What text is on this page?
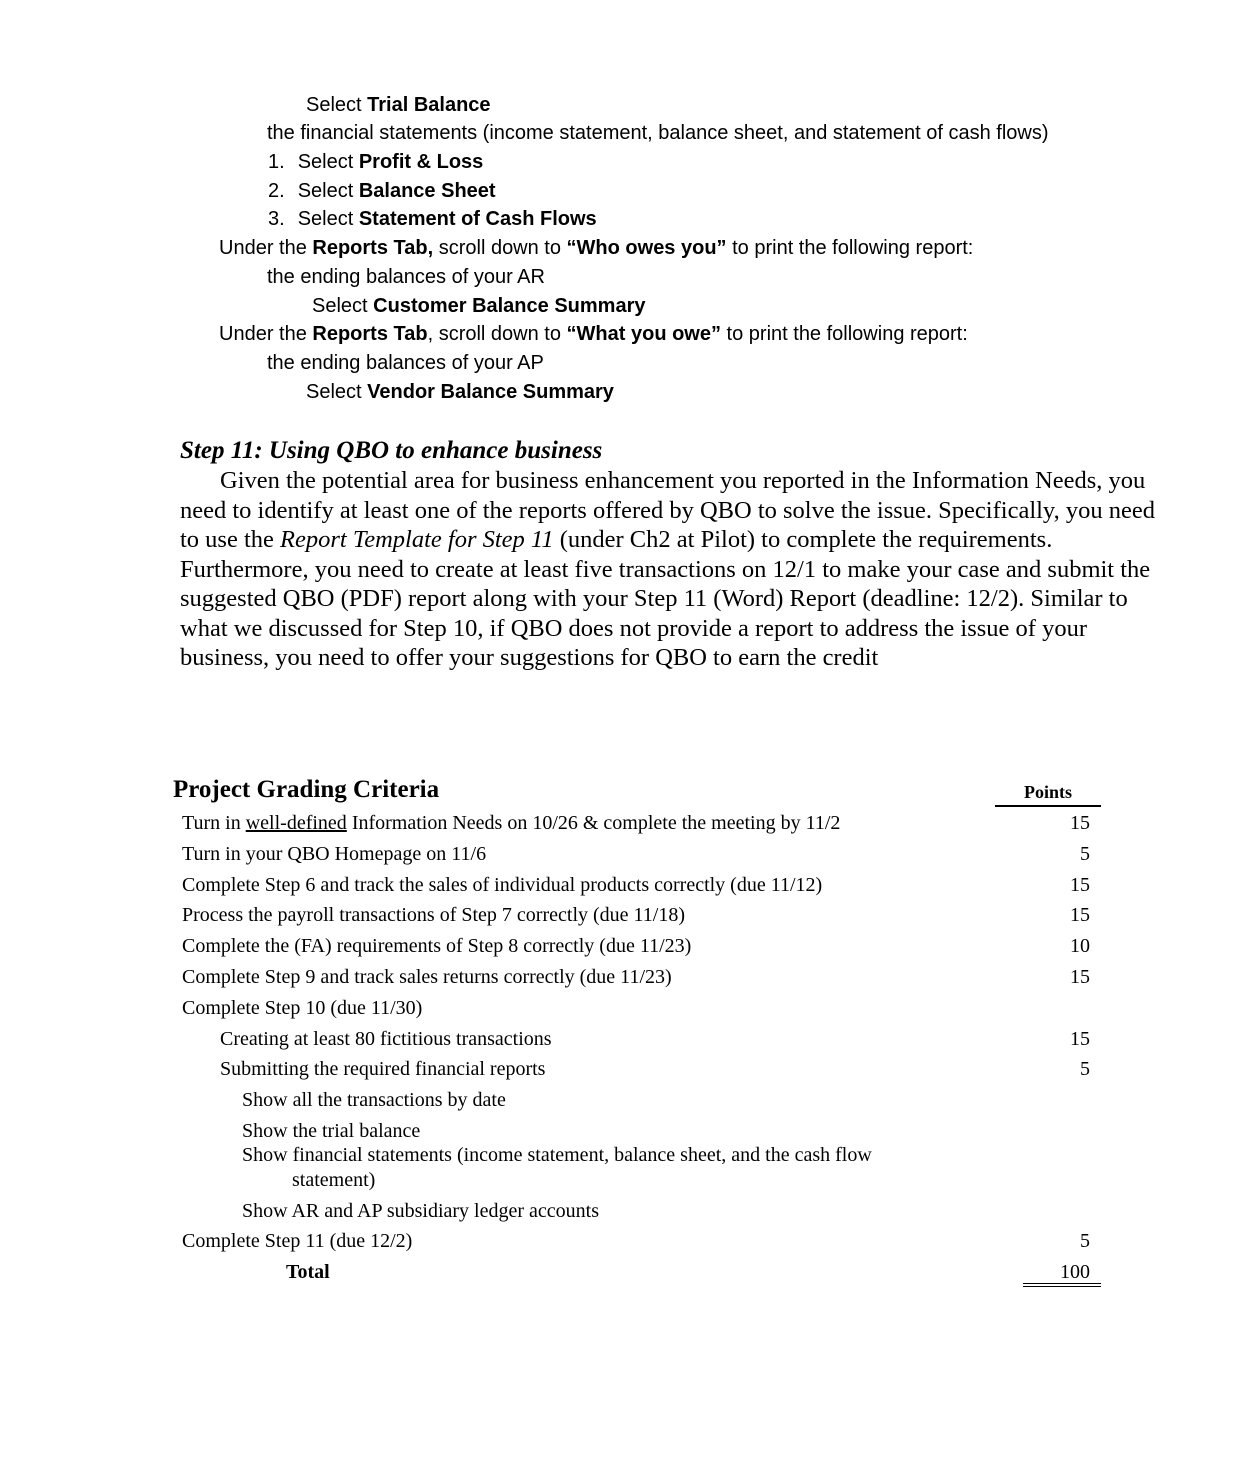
Select Trial Balance
the financial statements (income statement, balance sheet, and statement of cash flows)
1. Select Profit & Loss
2. Select Balance Sheet
3. Select Statement of Cash Flows
Under the Reports Tab, scroll down to “Who owes you” to print the following report:
the ending balances of your AR
Select Customer Balance Summary
Under the Reports Tab, scroll down to “What you owe” to print the following report:
the ending balances of your AP
Select Vendor Balance Summary
Step 11: Using QBO to enhance business
Given the potential area for business enhancement you reported in the Information Needs, you need to identify at least one of the reports offered by QBO to solve the issue. Specifically, you need to use the Report Template for Step 11 (under Ch2 at Pilot) to complete the requirements. Furthermore, you need to create at least five transactions on 12/1 to make your case and submit the suggested QBO (PDF) report along with your Step 11 (Word) Report (deadline: 12/2). Similar to what we discussed for Step 10, if QBO does not provide a report to address the issue of your business, you need to offer your suggestions for QBO to earn the credit
Project Grading Criteria	Points
Turn in well-defined Information Needs on 10/26 & complete the meeting by 11/2	15
Turn in your QBO Homepage on 11/6	5
Complete Step 6 and track the sales of individual products correctly (due 11/12)	15
Process the payroll transactions of Step 7 correctly (due 11/18)	15
Complete the (FA) requirements of Step 8 correctly (due 11/23)	10
Complete Step 9 and track sales returns correctly (due 11/23)	15
Complete Step 10 (due 11/30)
Creating at least 80 fictitious transactions	15
Submitting the required financial reports	5
Show all the transactions by date
Show the trial balance
Show financial statements (income statement, balance sheet, and the cash flow
statement)
Show AR and AP subsidiary ledger accounts
Complete Step 11 (due 12/2)	5
Total	100
